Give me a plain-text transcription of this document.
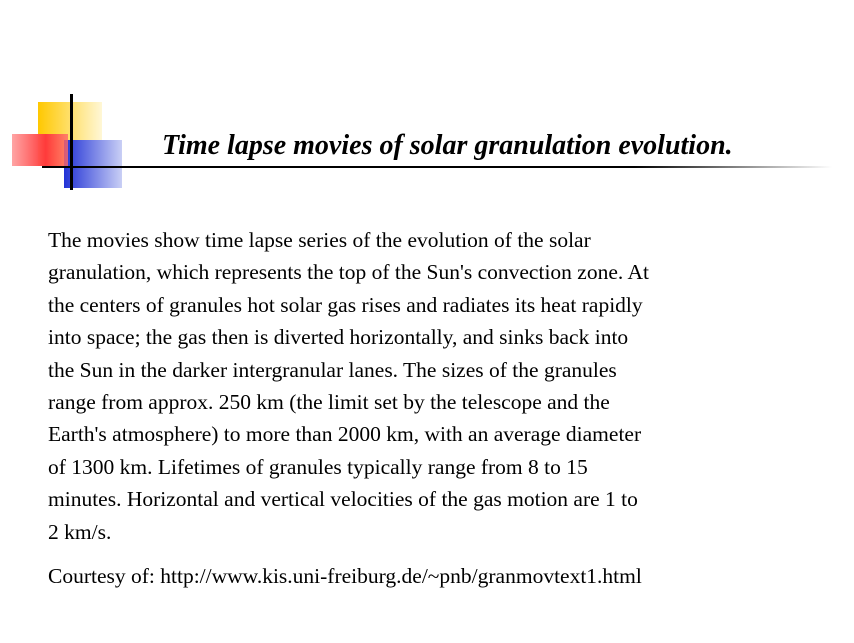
Time lapse movies of solar granulation evolution.
The movies show time lapse series of the evolution of the solar
granulation, which represents the top of the Sun's convection zone. At
the centers of granules hot solar gas rises and radiates its heat rapidly
into space; the gas then is diverted horizontally, and sinks back into
the Sun in the darker intergranular lanes. The sizes of the granules
range from approx. 250 km (the limit set by the telescope and the
Earth's atmosphere) to more than 2000 km, with an average diameter
of 1300 km. Lifetimes of granules typically range from 8 to 15
minutes. Horizontal and vertical velocities of the gas motion are 1 to
2 km/s.

Courtesy of: http://www.kis.uni-freiburg.de/~pnb/granmovtext1.html
